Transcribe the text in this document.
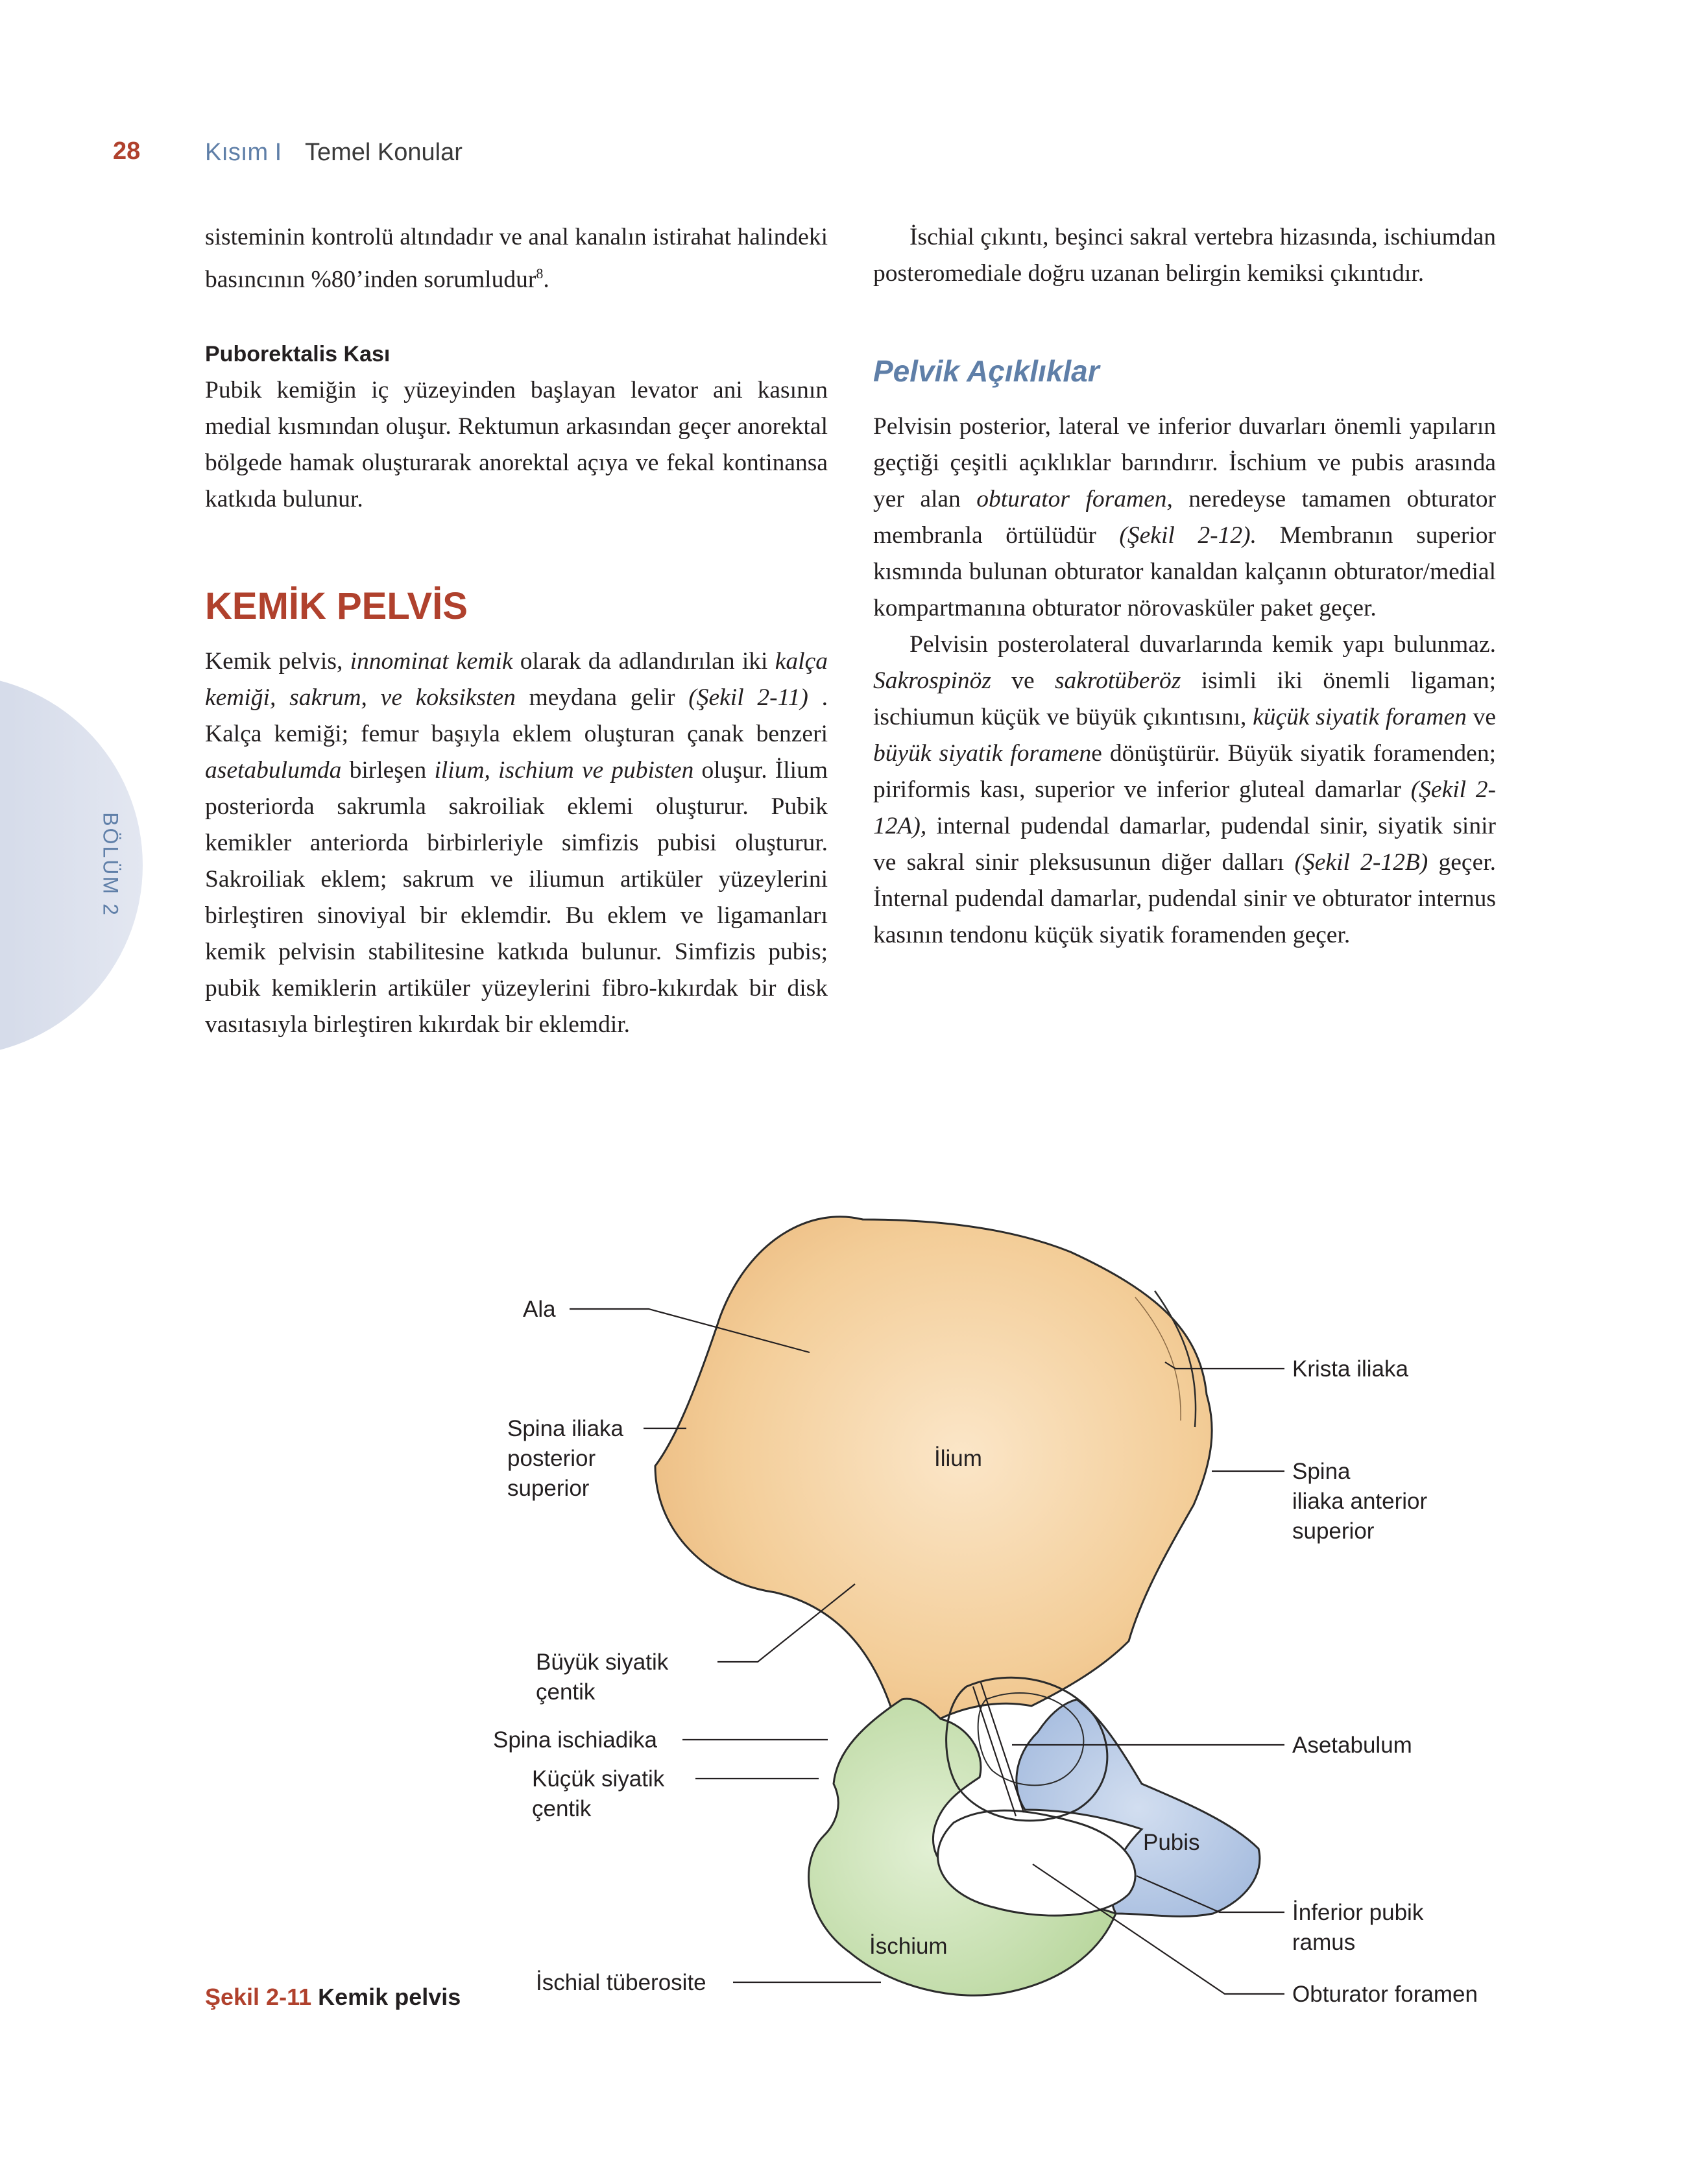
28	Kısım I Temel Konular
BÖLÜM 2

sisteminin kontrolü altındadır ve anal kanalın istirahat halindeki basıncının %80’inden sorumludur$^8$.

Puborektalis Kası

Pubik kemiğin iç yüzeyinden başlayan levator ani kasının medial kısmından oluşur. Rektumun arkasından geçer anorektal bölgede hamak oluşturarak anorektal açıya ve fekal kontinansa katkıda bulunur.

KEMİK PELVİS

Kemik pelvis, innominat kemik olarak da adlandırılan iki kalça kemiği, sakrum, ve koksiksten meydana gelir (Şekil 2-11) . Kalça kemiği; femur başıyla eklem oluşturan çanak benzeri asetabulumda birleşen ilium, ischium ve pubisten oluşur. İlium posteriorda sakrumla sakroiliak eklemi oluşturur. Pubik kemikler anteriorda birbirleriyle simfizis pubisi oluşturur. Sakroiliak eklem; sakrum ve iliumun artiküler yüzeylerini birleştiren sinoviyal bir eklemdir. Bu eklem ve ligamanları kemik pelvisin stabilitesine katkıda bulunur. Simfizis pubis; pubik kemiklerin artiküler yüzeylerini fibro-kıkırdak bir disk vasıtasıyla birleştiren kıkırdak bir eklemdir.

İschial çıkıntı, beşinci sakral vertebra hizasında, ischiumdan posteromediale doğru uzanan belirgin kemiksi çıkıntıdır.

Pelvik Açıklıklar

Pelvisin posterior, lateral ve inferior duvarları önemli yapıların geçtiği çeşitli açıklıklar barındırır. İschium ve pubis arasında yer alan obturator foramen, neredeyse tamamen obturator membranla örtülüdür (Şekil 2-12). Membranın superior kısmında bulunan obturator kanaldan kalçanın obturator/medial kompartmanına obturator nörovasküler paket geçer.

Pelvisin posterolateral duvarlarında kemik yapı bulunmaz. Sakrospinöz ve sakrotüberöz isimli iki önemli ligaman; ischiumun küçük ve büyük çıkıntısını, küçük siyatik foramen ve büyük siyatik foramene dönüştürür. Büyük siyatik foramenden; piriformis kası, superior ve inferior gluteal damarlar (Şekil 2-12A), internal pudendal damarlar, pudendal sinir, siyatik sinir ve sakral sinir pleksusunun diğer dalları (Şekil 2-12B) geçer. İnternal pudendal damarlar, pudendal sinir ve obturator internus kasının tendonu küçük siyatik foramenden geçer.

İlium
Pubis
İschium
Ala
Spina iliaka
posterior
superior
Büyük siyatik
çentik
Spina ischiadika
Küçük siyatik
çentik
İschial tüberosite
Krista iliaka
Spina
iliaka anterior
superior
Asetabulum
İnferior pubik
ramus
Obturator foramen
Şekil 2-11 Kemik pelvis
